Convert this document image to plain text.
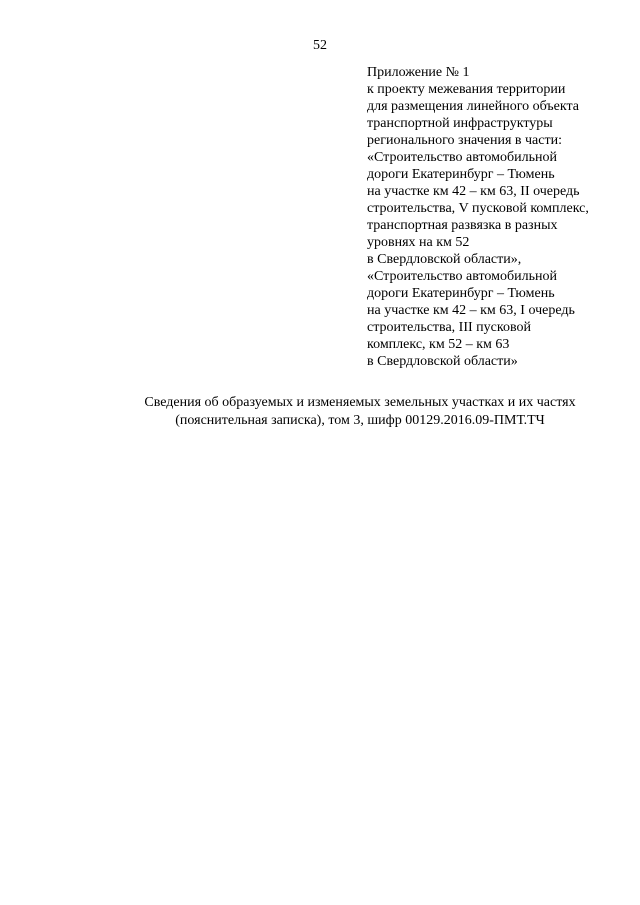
52
Приложение № 1
к проекту межевания территории
для размещения линейного объекта
транспортной инфраструктуры
регионального значения в части:
«Строительство автомобильной
дороги Екатеринбург – Тюмень
на участке км 42 – км 63, II очередь
строительства, V пусковой комплекс,
транспортная развязка в разных
уровнях на км 52
в Свердловской области»,
«Строительство автомобильной
дороги Екатеринбург – Тюмень
на участке км 42 – км 63, I очередь
строительства, III пусковой
комплекс, км 52 – км 63
в Свердловской области»
Сведения об образуемых и изменяемых земельных участках и их частях
(пояснительная записка), том 3, шифр 00129.2016.09-ПМТ.ТЧ
